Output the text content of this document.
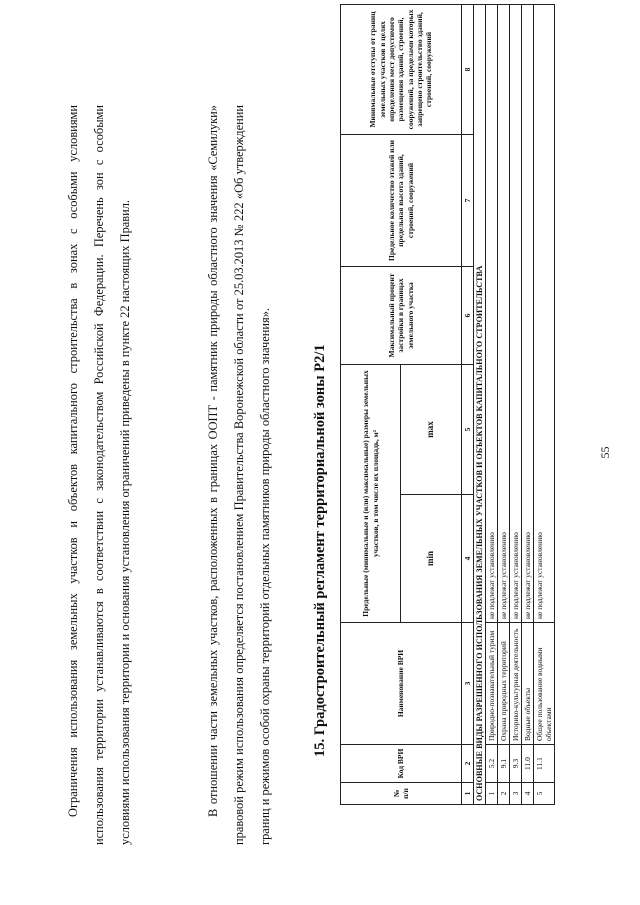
55
Ограничения использования земельных участков и объектов капитального строительства в зонах с особыми условиями использования территории устанавливаются в соответствии с законодательством Российской Федерации. Перечень зон с особыми условиями использования территории и основания установления ограничений приведены в пункте 22 настоящих Правил.	В отношении части земельных участков, расположенных в границах ООПТ - памятник природы областного значения «Семилуки» правовой режим использования определяется постановлением Правительства Воронежской области от 25.03.2013 № 222 «Об утверждении границ и режимов особой охраны территорий отдельных памятников природы областного значения».	15. Градостроительный регламент территориальной зоны Р2/1
№ п/п	Код ВРИ	Наименование ВРИ	Предельные (минимальные и (или) максимальные) размеры земельных участков, в том числе их площадь, м²		Максимальный процент застройки в границах земельного участка	Предельное количество этажей или предельная высота зданий, строений, сооружений	Минимальные отступы от границ земельных участков в целях определения мест допустимого размещения зданий, строений, сооружений, за пределами которых запрещено строительство зданий, строений, сооружений
			min	max			
1	2	3	4	5	6	7	8
ОСНОВНЫЕ ВИДЫ РАЗРЕШЕННОГО ИСПОЛЬЗОВАНИЯ ЗЕМЕЛЬНЫХ УЧАСТКОВ И ОБЪЕКТОВ КАПИТАЛЬНОГО СТРОИТЕЛЬСТВА							
1	5.2	Природно-познавательный туризм	не подлежат установлению				
2	9.1	Охрана природных территорий	не подлежат установлению				
3	9.3	Историко-культурная деятельность	не подлежат установлению				
4	11.0	Водные объекты	не подлежат установлению				
5	11.1	Общее пользование водными объектами	не подлежат установлению				
